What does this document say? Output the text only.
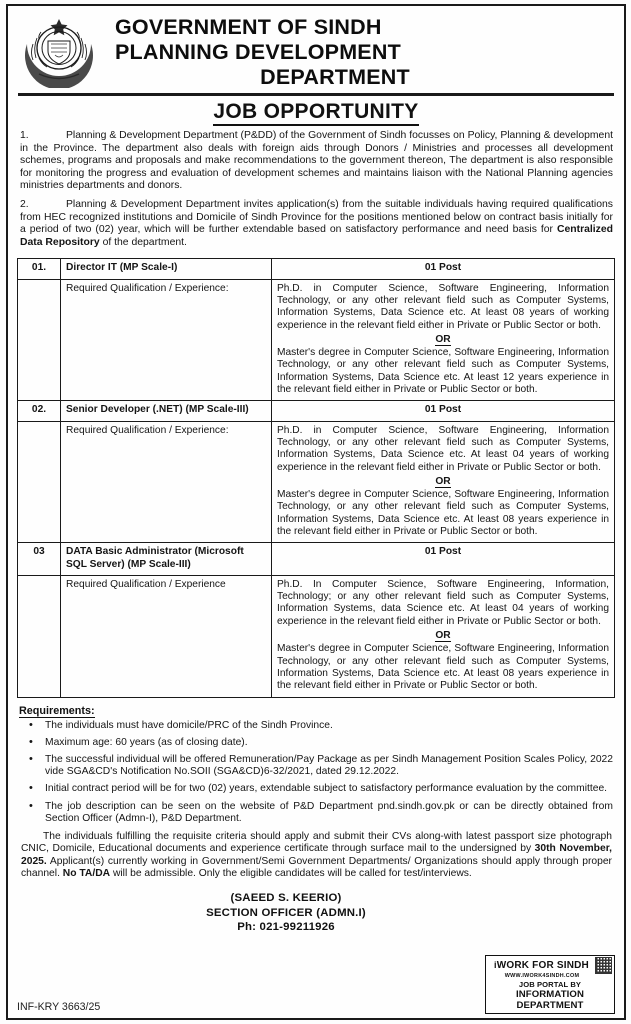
GOVERNMENT OF SINDH
PLANNING DEVELOPMENT
DEPARTMENT
JOB OPPORTUNITY
1.	Planning & Development Department (P&DD) of the Government of Sindh focusses on Policy, Planning & development in the Province. The department also deals with foreign aids through Donors / Ministries and processes all development schemes, programs and proposals and make recommendations to the government thereon, The department is also responsible for monitoring the progress and evaluation of development schemes and maintains liaison with the National Planning agencies ministries departments and donors.
2.	Planning & Development Department invites application(s) from the suitable individuals having required qualifications from HEC recognized institutions and Domicile of Sindh Province for the positions mentioned below on contract basis initially for a period of two (02) year, which will be further extendable based on satisfactory performance and need basis for Centralized Data Repository of the department.
01.	Director IT (MP Scale-I)	01 Post
	Required Qualification / Experience:	Ph.D. in Computer Science, Software Engineering, Information Technology, or any other relevant field such as Computer Systems, Information Systems, Data Science etc. At least 08 years of working experience in the relevant field either in Private or Public Sector or both.

OR

Master's degree in Computer Science, Software Engineering, Information Technology, or any other relevant field such as Computer Systems, Information Systems, Data Science etc. At least 12 years experience in the relevant field either in Private or Public Sector or both.

02.	Senior Developer (.NET) (MP Scale-III)	01 Post
	Required Qualification / Experience:	Ph.D. in Computer Science, Software Engineering, Information Technology, or any other relevant field such as Computer Systems, Information Systems, Data Science etc. At least 04 years of working experience in the relevant field either in Private or Public Sector or both.

OR

Master's degree in Computer Science, Software Engineering, Information Technology, or any other relevant field such as Computer Systems, Information Systems, Data Science etc. At least 08 years experience in the relevant field either in Private or Public Sector or both.

03	DATA Basic Administrator (Microsoft SQL Server) (MP Scale-III)	01 Post
	Required Qualification / Experience	Ph.D. In Computer Science, Software Engineering, Information, Technology; or any other relevant field such as Computer Systems, Information Systems, data Science etc. At least 04 years of working experience in the relevant field either in Private or Public Sector or both.

OR

Master's degree in Computer Science, Software Engineering, Information Technology, or any other relevant field such as Computer Systems, Information Systems, Data Science etc. At least 08 years experience in the relevant field either in Private or Public Sector or both.

Requirements:
• The individuals must have domicile/PRC of the Sindh Province.
• Maximum age: 60 years (as of closing date).
• The successful individual will be offered Remuneration/Pay Package as per Sindh Management Position Scales Policy, 2022 vide SGA&CD's Notification No.SOII (SGA&CD)6-32/2021, dated 29.12.2022.
• Initial contract period will be for two (02) years, extendable subject to satisfactory performance evaluation by the committee.
• The job description can be seen on the website of P&D Department pnd.sindh.gov.pk or can be directly obtained from Section Officer (Admn-I), P&D Department.
The individuals fulfilling the requisite criteria should apply and submit their CVs along-with latest passport size photograph CNIC, Domicile, Educational documents and experience certificate through surface mail to the undersigned by 30th November, 2025. Applicant(s) currently working in Government/Semi Government Departments/ Organizations should apply through proper channel. No TA/DA will be admissible. Only the eligible candidates will be called for test/interviews.
(SAEED S. KEERIO)
SECTION OFFICER (ADMN.I)
Ph: 021-99211926
INF-KRY 3663/25
iWORK FOR SINDH
WWW.IWORK4SINDH.COM
JOB PORTAL BY
INFORMATION DEPARTMENT
